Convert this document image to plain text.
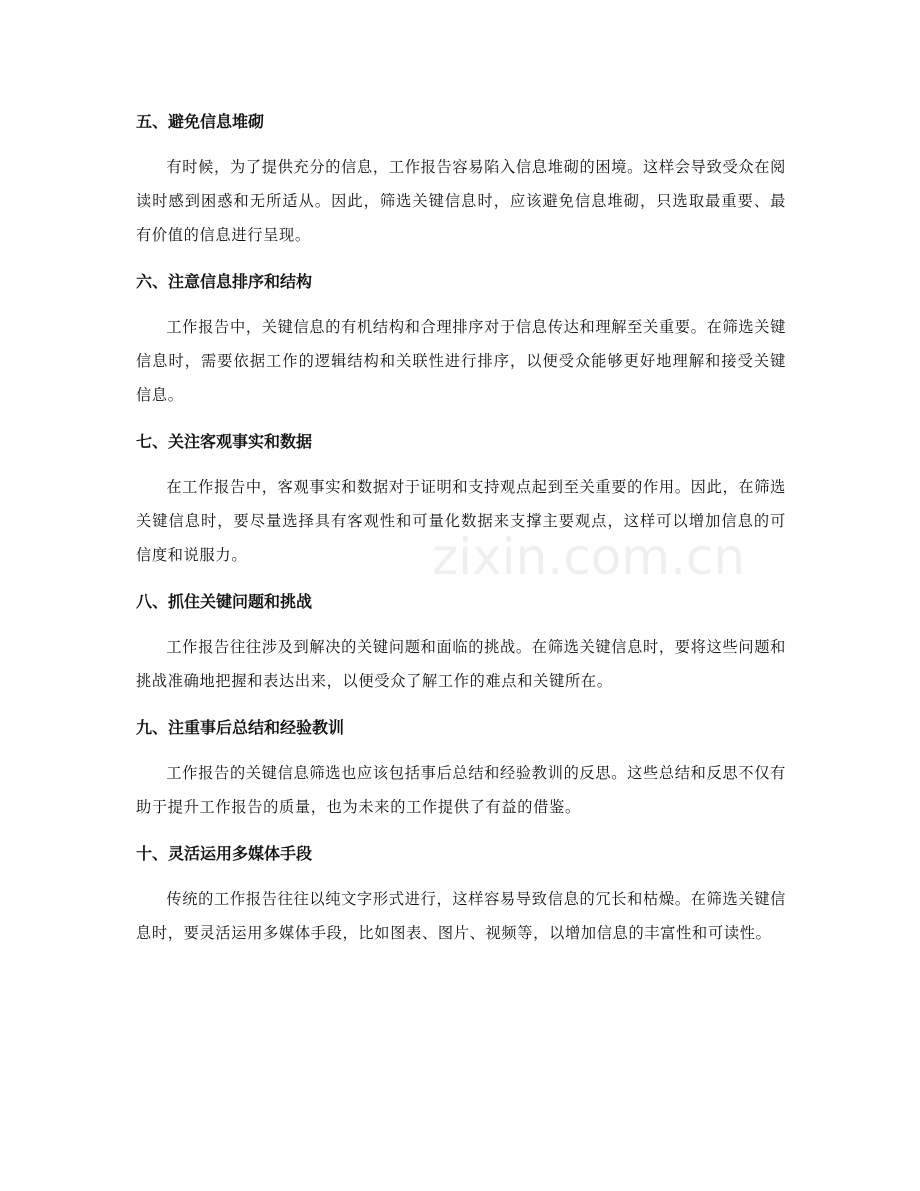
五、避免信息堆砌

有时候，为了提供充分的信息，工作报告容易陷入信息堆砌的困境。这样会导致受众在阅读时感到困惑和无所适从。因此，筛选关键信息时，应该避免信息堆砌，只选取最重要、最有价值的信息进行呈现。

六、注意信息排序和结构

工作报告中，关键信息的有机结构和合理排序对于信息传达和理解至关重要。在筛选关键信息时，需要依据工作的逻辑结构和关联性进行排序，以便受众能够更好地理解和接受关键信息。

七、关注客观事实和数据

在工作报告中，客观事实和数据对于证明和支持观点起到至关重要的作用。因此，在筛选关键信息时，要尽量选择具有客观性和可量化数据来支撑主要观点，这样可以增加信息的可信度和说服力。

八、抓住关键问题和挑战

工作报告往往涉及到解决的关键问题和面临的挑战。在筛选关键信息时，要将这些问题和挑战准确地把握和表达出来，以便受众了解工作的难点和关键所在。

九、注重事后总结和经验教训

工作报告的关键信息筛选也应该包括事后总结和经验教训的反思。这些总结和反思不仅有助于提升工作报告的质量，也为未来的工作提供了有益的借鉴。

十、灵活运用多媒体手段

传统的工作报告往往以纯文字形式进行，这样容易导致信息的冗长和枯燥。在筛选关键信息时，要灵活运用多媒体手段，比如图表、图片、视频等，以增加信息的丰富性和可读性。

zixin.com.cn
